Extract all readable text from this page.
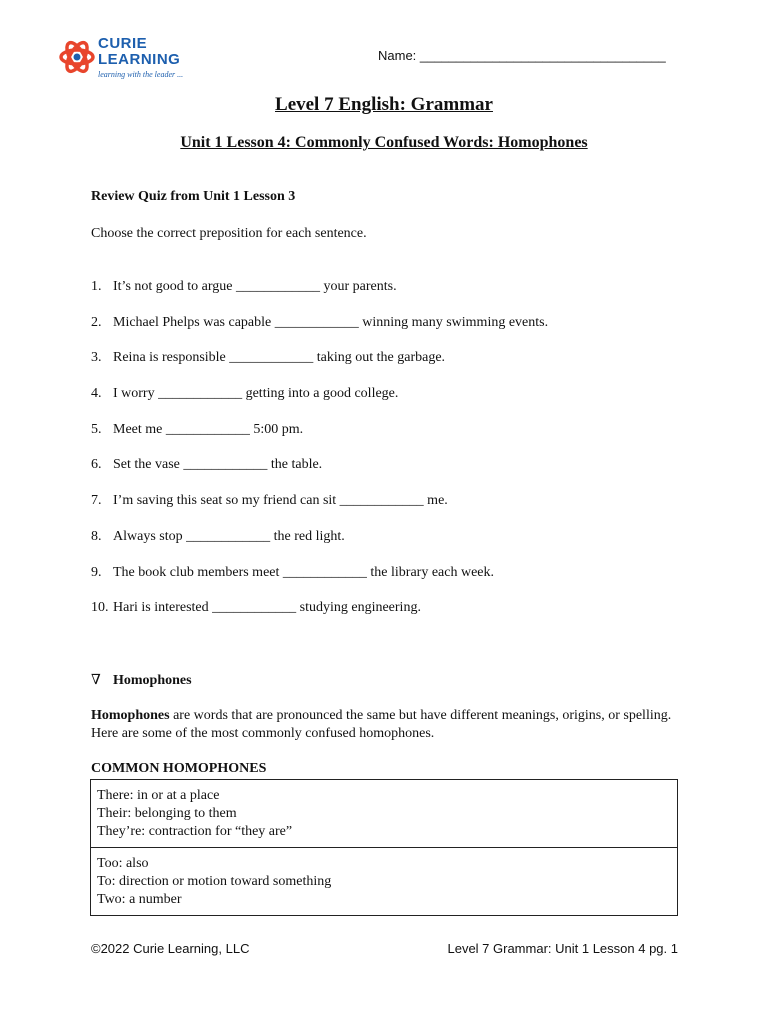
CURIE
LEARNING
learning with the leader ...
Name: __________________________________
Level 7 English: Grammar
Unit 1 Lesson 4: Commonly Confused Words: Homophones
Review Quiz from Unit 1 Lesson 3
Choose the correct preposition for each sentence.
1. It’s not good to argue ____________ your parents.
2. Michael Phelps was capable ____________ winning many swimming events.
3. Reina is responsible ____________ taking out the garbage.
4. I worry ____________ getting into a good college.
5. Meet me ____________ 5:00 pm.
6. Set the vase ____________ the table.
7. I’m saving this seat so my friend can sit ____________ me.
8. Always stop ____________ the red light.
9. The book club members meet ____________ the library each week.
10. Hari is interested ____________ studying engineering.
∇ Homophones
Homophones are words that are pronounced the same but have different meanings, origins, or spelling. Here are some of the most commonly confused homophones.
COMMON HOMOPHONES
There: in or at a place
Their: belonging to them
They’re: contraction for “they are”
Too: also
To: direction or motion toward something
Two: a number
©2022 Curie Learning, LLC	Level 7 Grammar: Unit 1 Lesson 4 pg. 1
